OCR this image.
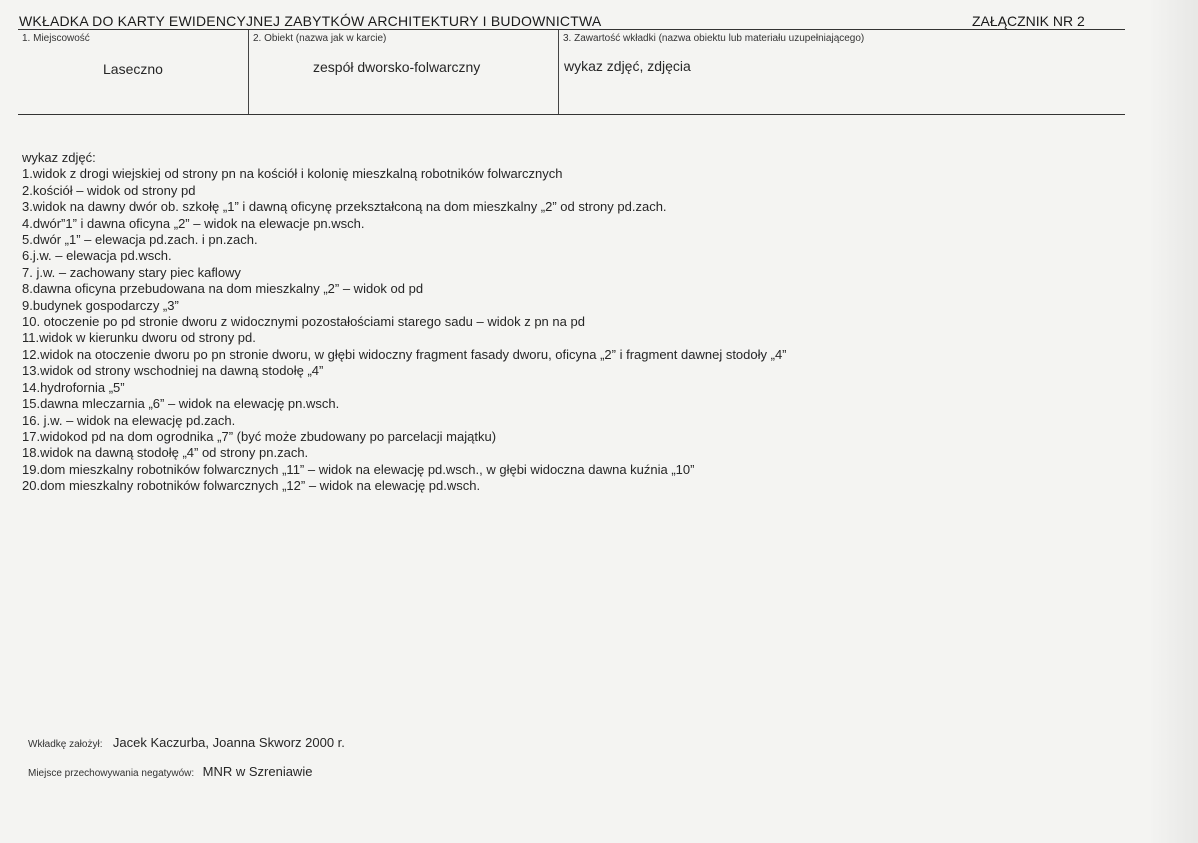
WKŁADKA DO KARTY EWIDENCYJNEJ ZABYTKÓW ARCHITEKTURY I BUDOWNICTWA	ZAŁĄCZNIK NR 2
1. Miejscowość
Laseczno
2. Obiekt (nazwa jak w karcie)
zespół dworsko-folwarczny
3. Zawartość wkładki (nazwa obiektu lub materiału uzupełniającego)
wykaz zdjęć, zdjęcia
wykaz zdjęć:
1.widok z drogi wiejskiej od strony pn na kościół i kolonię mieszkalną robotników folwarcznych
2.kościół – widok od strony pd
3.widok na dawny dwór ob. szkołę „1” i dawną oficynę przekształconą na dom mieszkalny „2” od strony pd.zach.
4.dwór”1” i dawna oficyna „2” – widok na elewacje pn.wsch.
5.dwór „1” – elewacja pd.zach. i pn.zach.
6.j.w. – elewacja pd.wsch.
7. j.w. – zachowany stary piec kaflowy
8.dawna oficyna przebudowana na dom mieszkalny „2” – widok od pd
9.budynek gospodarczy „3”
10. otoczenie po pd stronie dworu z widocznymi pozostałościami starego sadu – widok z pn na pd
11.widok w kierunku dworu od strony pd.
12.widok na otoczenie dworu po pn stronie dworu, w głębi widoczny fragment fasady dworu, oficyna „2” i fragment dawnej stodoły „4”
13.widok od strony wschodniej na dawną stodołę „4”
14.hydrofornia „5”
15.dawna mleczarnia „6” – widok na elewację pn.wsch.
16. j.w. – widok na elewację pd.zach.
17.widokod pd na dom ogrodnika „7” (być może zbudowany po parcelacji majątku)
18.widok na dawną stodołę „4” od strony pn.zach.
19.dom mieszkalny robotników folwarcznych „11” – widok na elewację pd.wsch., w głębi widoczna dawna kuźnia „10”
20.dom mieszkalny robotników folwarcznych „12” – widok na elewację pd.wsch.
Wkładkę założył: Jacek Kaczurba, Joanna Skworz 2000 r.
Miejsce przechowywania negatywów: MNR w Szreniawie
